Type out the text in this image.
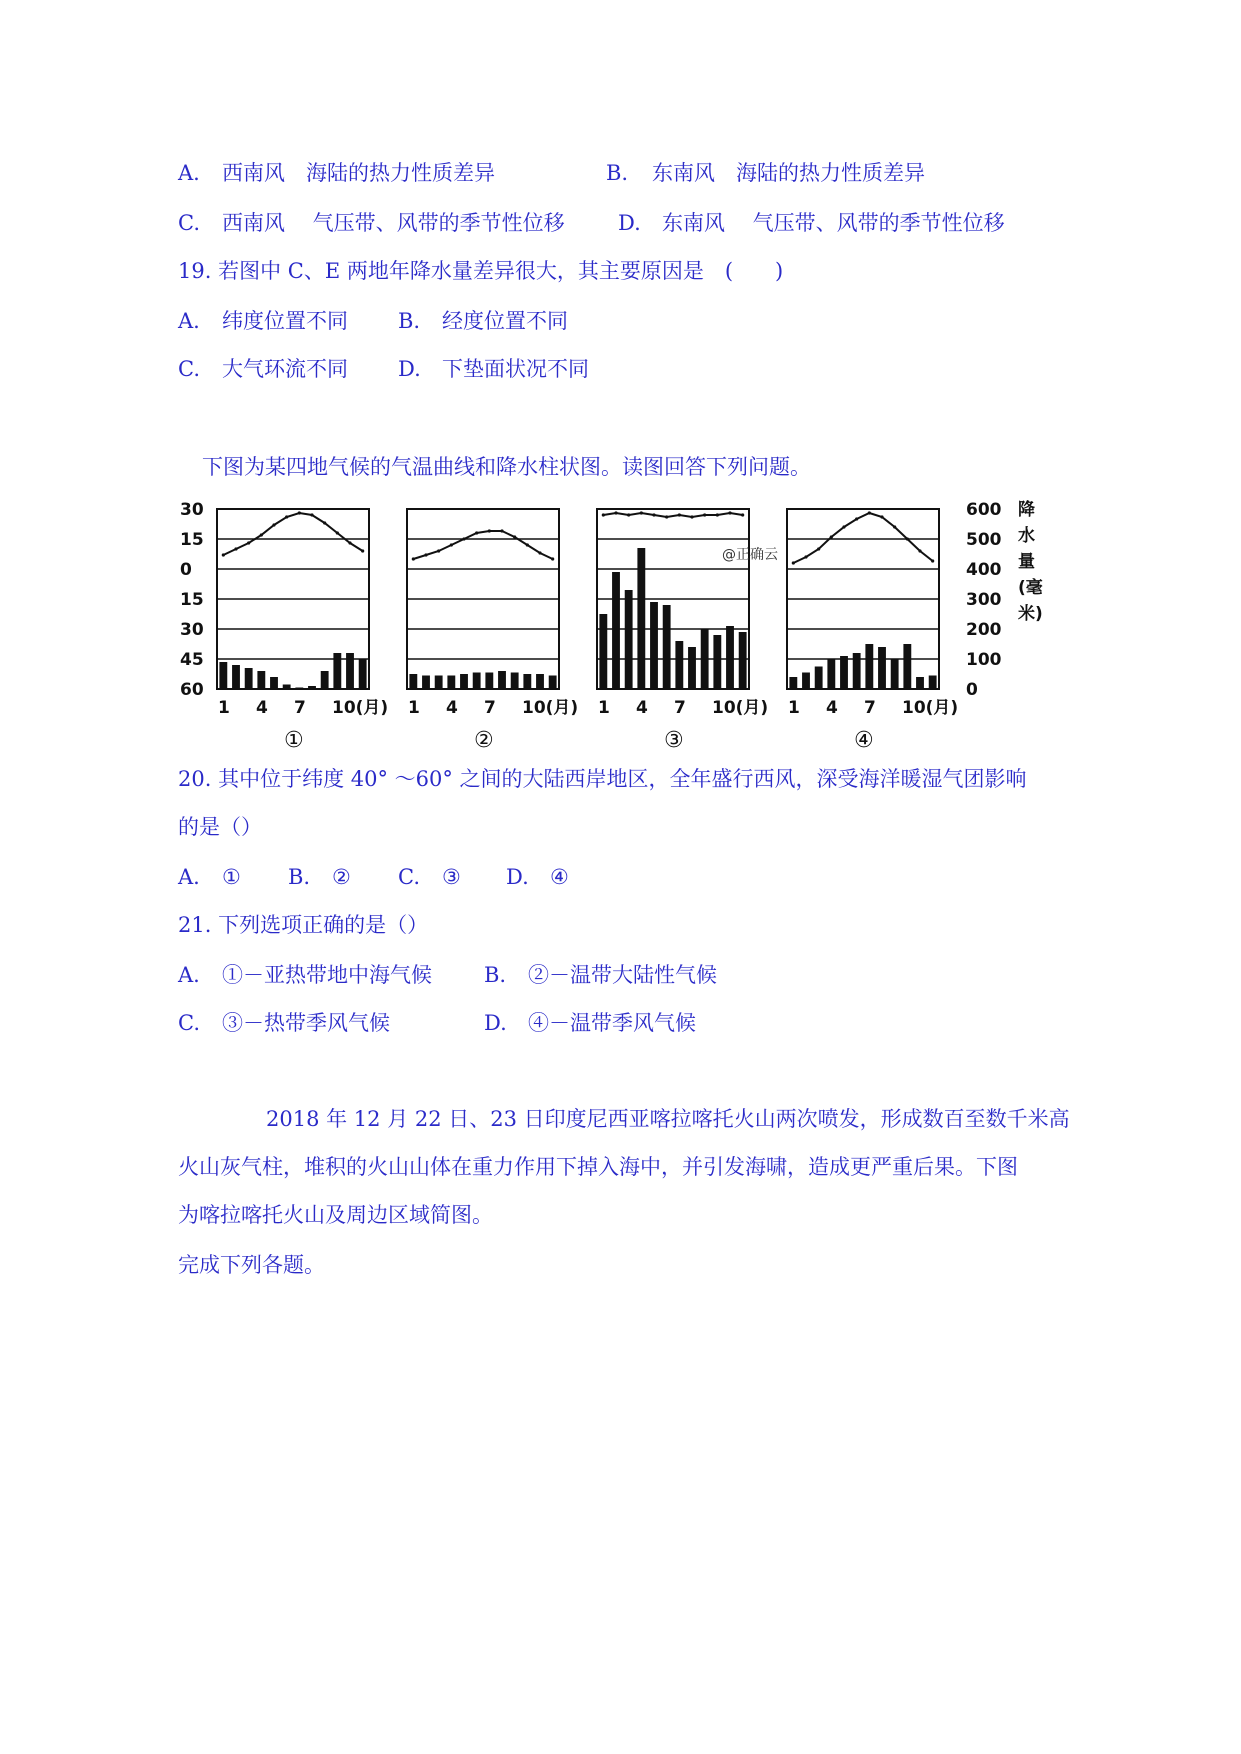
A. 西南风　海陆的热力性质差异	B. 东南风　海陆的热力性质差异
C. 西南风　 气压带、风带的季节性位移	D. 东南风　 气压带、风带的季节性位移
19. 若图中 C、E 两地年降水量差异很大，其主要原因是　(　　)
A. 纬度位置不同 B. 经度位置不同
C. 大气环流不同 D. 下垫面状况不同
下图为某四地气候的气温曲线和降水柱状图。读图回答下列问题。
30
15
0
15
30
45
60
600
500
400
300
200
100
0
降
水
量
(毫
米)
1 4 7 10(月)
①
1 4 7 10(月)
②
1 4 7 10(月)
③
1 4 7 10(月)
④
@正确云
20. 其中位于纬度 40° ～60° 之间的大陆西岸地区，全年盛行西风，深受海洋暖湿气团影响
的是（）
A. ① B. ② C. ③ D. ④
21. 下列选项正确的是（）
A. ①－亚热带地中海气候 B. ②－温带大陆性气候
C. ③－热带季风气候	D. ④－温带季风气候
2018 年 12 月 22 日、23 日印度尼西亚喀拉喀托火山两次喷发，形成数百至数千米高
火山灰气柱，堆积的火山山体在重力作用下掉入海中，并引发海啸，造成更严重后果。下图
为喀拉喀托火山及周边区域简图。
完成下列各题。
